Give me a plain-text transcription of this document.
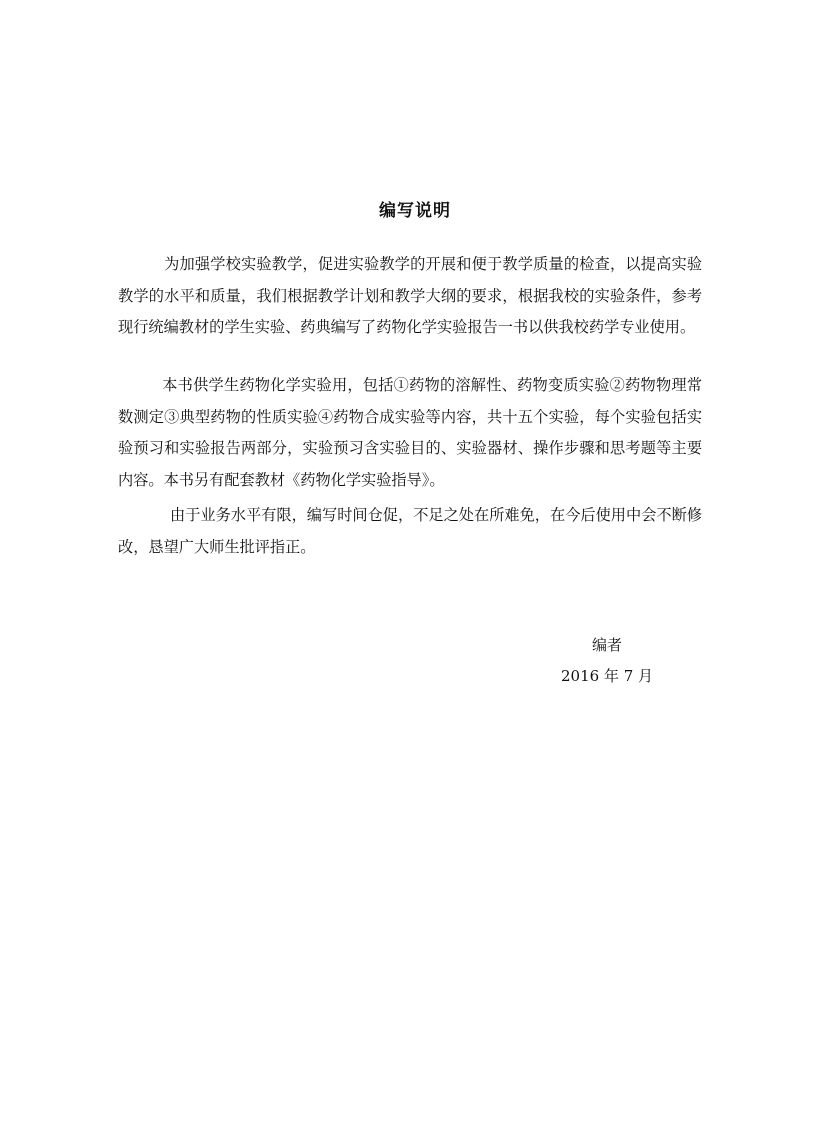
编写说明

为加强学校实验教学，促进实验教学的开展和便于教学质量的检查，以提高实验教学的水平和质量，我们根据教学计划和教学大纲的要求，根据我校的实验条件，参考现行统编教材的学生实验、药典编写了药物化学实验报告一书以供我校药学专业使用。

本书供学生药物化学实验用，包括①药物的溶解性、药物变质实验②药物物理常数测定③典型药物的性质实验④药物合成实验等内容，共十五个实验，每个实验包括实验预习和实验报告两部分，实验预习含实验目的、实验器材、操作步骤和思考题等主要内容。本书另有配套教材《药物化学实验指导》。

由于业务水平有限，编写时间仓促，不足之处在所难免，在今后使用中会不断修改，恳望广大师生批评指正。

编者
2016 年 7 月
